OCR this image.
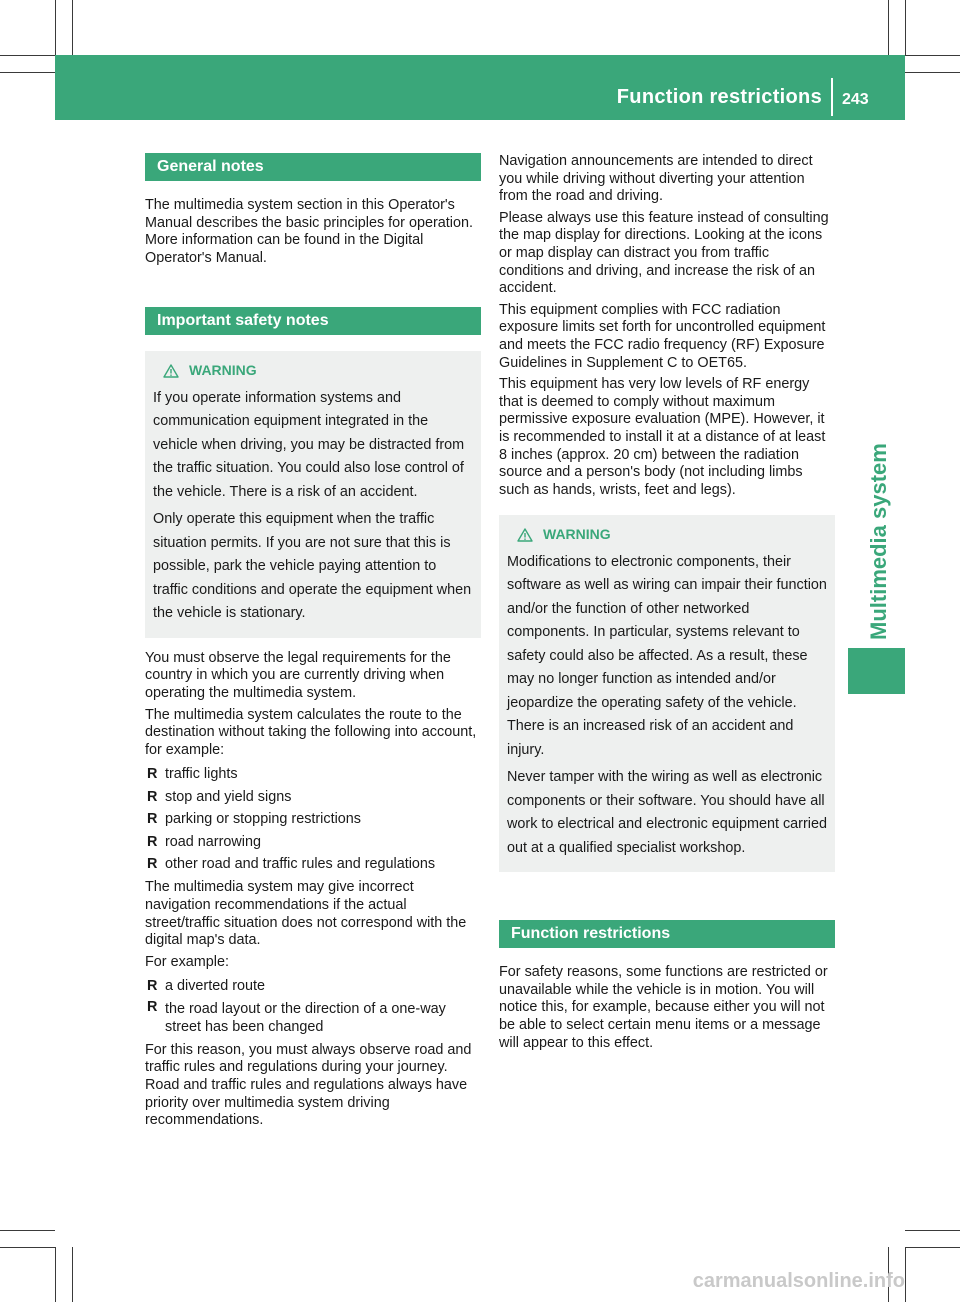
Function restrictions 243
Multimedia system
General notes

The multimedia system section in this Operator's Manual describes the basic principles for operation. More information can be found in the Digital Operator's Manual.

Important safety notes
WARNING

If you operate information systems and communication equipment integrated in the vehicle when driving, you may be distracted from the traffic situation. You could also lose control of the vehicle. There is a risk of an accident.

Only operate this equipment when the traffic situation permits. If you are not sure that this is possible, park the vehicle paying attention to traffic conditions and operate the equipment when the vehicle is stationary.

You must observe the legal requirements for the country in which you are currently driving when operating the multimedia system.

The multimedia system calculates the route to the destination without taking the following into account, for example:

R traffic lights
R stop and yield signs
R parking or stopping restrictions
R road narrowing
R other road and traffic rules and regulations

The multimedia system may give incorrect navigation recommendations if the actual street/traffic situation does not correspond with the digital map's data.

For example:

R a diverted route
R the road layout or the direction of a one-way street has been changed

For this reason, you must always observe road and traffic rules and regulations during your journey. Road and traffic rules and regulations always have priority over multimedia system driving recommendations.

Navigation announcements are intended to direct you while driving without diverting your attention from the road and driving.

Please always use this feature instead of consulting the map display for directions. Looking at the icons or map display can distract you from traffic conditions and driving, and increase the risk of an accident.

This equipment complies with FCC radiation exposure limits set forth for uncontrolled equipment and meets the FCC radio frequency (RF) Exposure Guidelines in Supplement C to OET65.

This equipment has very low levels of RF energy that is deemed to comply without maximum permissive exposure evaluation (MPE). However, it is recommended to install it at a distance of at least 8 inches (approx. 20 cm) between the radiation source and a person's body (not including limbs such as hands, wrists, feet and legs).

WARNING

Modifications to electronic components, their software as well as wiring can impair their function and/or the function of other networked components. In particular, systems relevant to safety could also be affected. As a result, these may no longer function as intended and/or jeopardize the operating safety of the vehicle. There is an increased risk of an accident and injury.

Never tamper with the wiring as well as electronic components or their software. You should have all work to electrical and electronic equipment carried out at a qualified specialist workshop.

Function restrictions

For safety reasons, some functions are restricted or unavailable while the vehicle is in motion. You will notice this, for example, because either you will not be able to select certain menu items or a message will appear to this effect.

carmanualsonline.info
